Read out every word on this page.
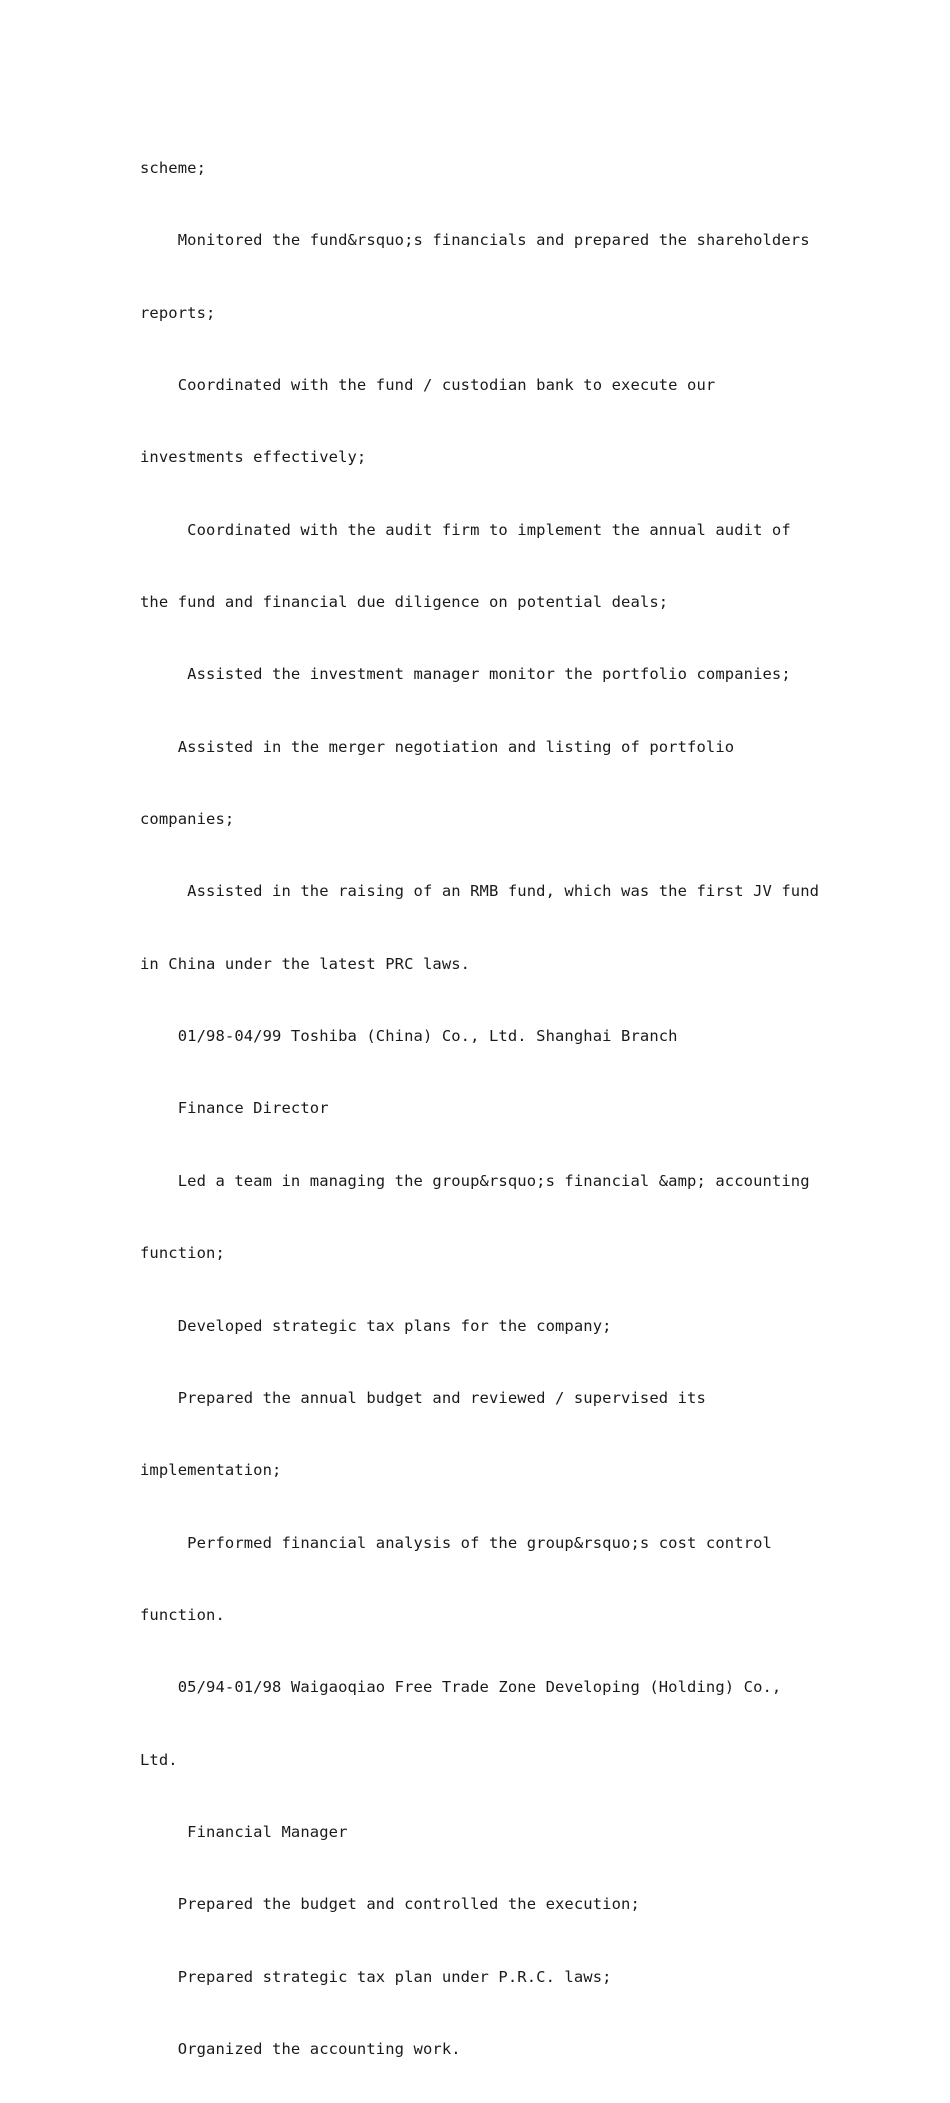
scheme;

Monitored the fund&rsquo;s financials and prepared the shareholders

reports;

Coordinated with the fund / custodian bank to execute our

investments effectively;

Coordinated with the audit firm to implement the annual audit of

the fund and financial due diligence on potential deals;

Assisted the investment manager monitor the portfolio companies;

Assisted in the merger negotiation and listing of portfolio

companies;

Assisted in the raising of an RMB fund, which was the first JV fund

in China under the latest PRC laws.

01/98-04/99 Toshiba (China) Co., Ltd. Shanghai Branch

Finance Director

Led a team in managing the group&rsquo;s financial &amp; accounting

function;

Developed strategic tax plans for the company;

Prepared the annual budget and reviewed / supervised its

implementation;

Performed financial analysis of the group&rsquo;s cost control

function.

05/94-01/98 Waigaoqiao Free Trade Zone Developing (Holding) Co.,

Ltd.

Financial Manager

Prepared the budget and controlled the execution;

Prepared strategic tax plan under P.R.C. laws;

Organized the accounting work.
